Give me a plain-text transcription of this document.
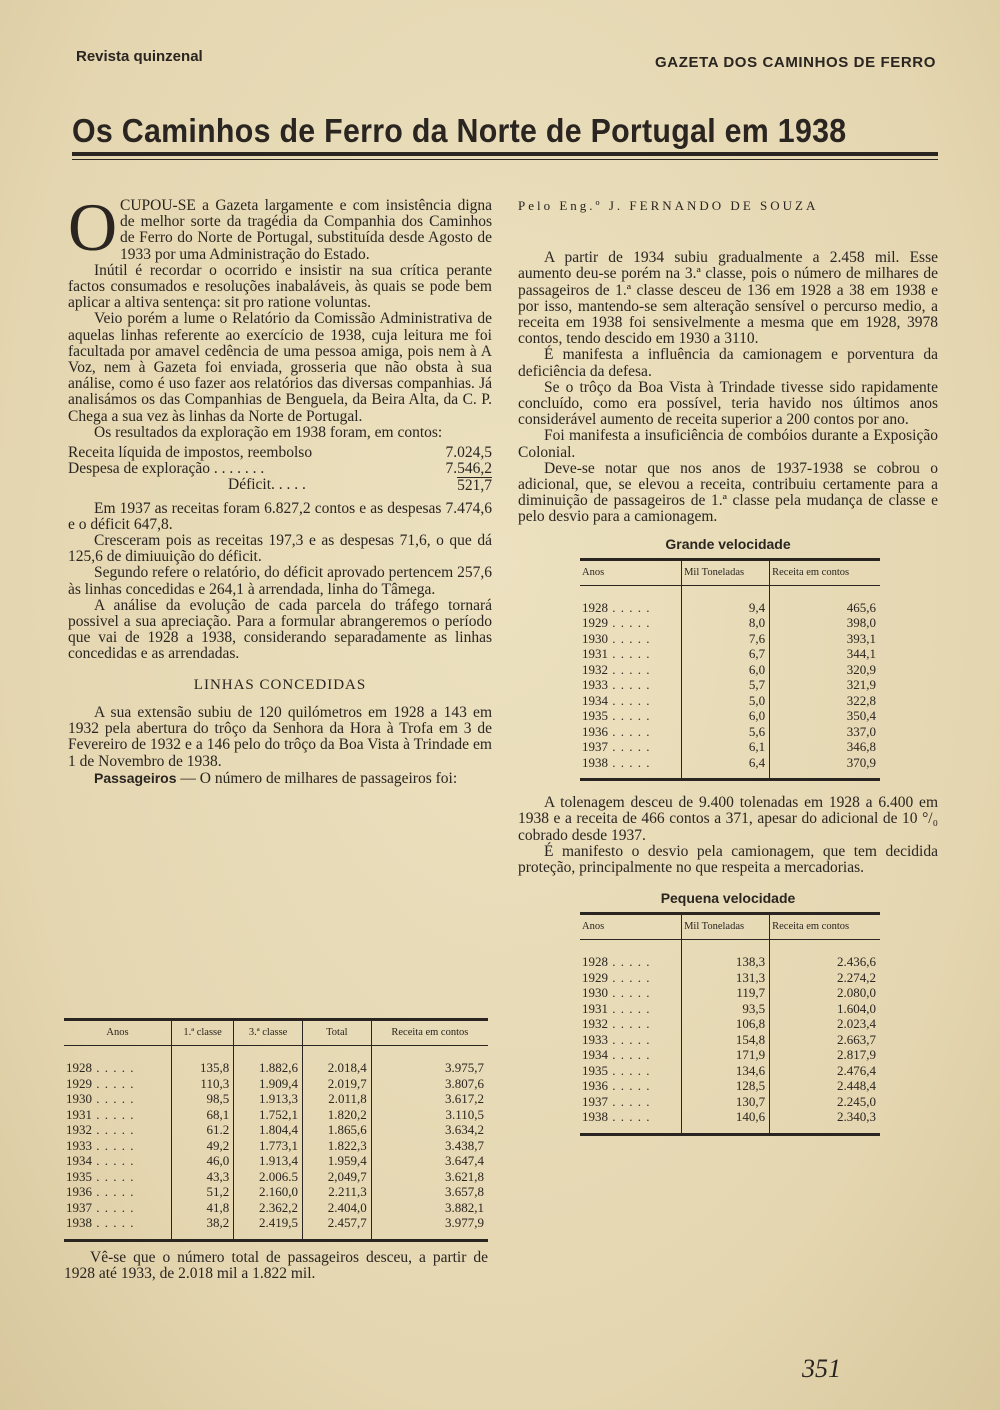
Revista quinzenal	GAZETA DOS CAMINHOS DE FERRO
Os Caminhos de Ferro da Norte de Portugal em 1938
O CUPOU-SE a Gazeta largamente e com insistência digna de melhor sorte da tragédia da Companhia dos Caminhos de Ferro do Norte de Portugal, substituída desde Agosto de 1933 por uma Administração do Estado.

Inútil é recordar o ocorrido e insistir na sua crítica perante factos consumados e resoluções inabaláveis, às quais se pode bem aplicar a altiva sentença: sit pro ratione voluntas.

Veio porém a lume o Relatório da Comissão Administrativa de aquelas linhas referente ao exercício de 1938, cuja leitura me foi facultada por amavel cedência de uma pessoa amiga, pois nem à A Voz, nem à Gazeta foi enviada, grosseria que não obsta à sua análise, como é uso fazer aos relatórios das diversas companhias. Já analisámos os das Companhias de Benguela, da Beira Alta, da C. P. Chega a sua vez às linhas da Norte de Portugal.

Os resultados da exploração em 1938 foram, em contos:

Receita líquida de impostos, reembolso	7.024,5
Despesa de exploração . . . . . . .	7.546,2
Déficit. . . . .	521,7

Em 1937 as receitas foram 6.827,2 contos e as despesas 7.474,6 e o déficit 647,8.

Cresceram pois as receitas 197,3 e as despesas 71,6, o que dá 125,6 de dimiuuição do déficit.

Segundo refere o relatório, do déficit aprovado pertencem 257,6 às linhas concedidas e 264,1 à arrendada, linha do Tâmega.

A análise da evolução de cada parcela do tráfego tornará possivel a sua apreciação. Para a formular abrangeremos o período que vai de 1928 a 1938, considerando separadamente as linhas concedidas e as arrendadas.

LINHAS CONCEDIDAS

A sua extensão subiu de 120 quilómetros em 1928 a 143 em 1932 pela abertura do trôço da Senhora da Hora à Trofa em 3 de Fevereiro de 1932 e a 146 pelo do trôço da Boa Vista à Trindade em 1 de Novembro de 1938.

Passageiros — O número de milhares de passageiros foi:

Anos	1.ª classe	3.ª classe	Total	Receita em contos
1928 . . .	135,8	1.882,6	2.018,4	3.975,7
1929 . . .	110,3	1.909,4	2.019,7	3.807,6
1930 . . .	98,5	1.913,3	2.011,8	3.617,2
1931 . . .	68,1	1.752,1	1.820,2	3.110,5
1932 . . .	61.2	1.804,4	1.865,6	3.634,2
1933 . . .	49,2	1.773,1	1.822,3	3.438,7
1934 . . .	46,0	1.913,4	1.959,4	3.647,4
1935 . . .	43,3	2.006.5	2,049,7	3.621,8
1936 . . .	51,2	2.160,0	2.211,3	3.657,8
1937 . . .	41,8	2.362,2	2.404,0	3.882,1
1938 . . .	38,2	2.419,5	2.457,7	3.977,9

Vê-se que o número total de passageiros desceu, a partir de 1928 até 1933, de 2.018 mil a 1.822 mil.

Pelo Eng.º J. FERNANDO DE SOUZA

A partir de 1934 subiu gradualmente a 2.458 mil. Esse aumento deu-se porém na 3.ª classe, pois o número de milhares de passageiros de 1.ª classe desceu de 136 em 1928 a 38 em 1938 e por isso, mantendo-se sem alteração sensível o percurso medio, a receita em 1938 foi sensivelmente a mesma que em 1928, 3978 contos, tendo descido em 1930 a 3110.

É manifesta a influência da camionagem e porventura da deficiência da defesa.

Se o trôço da Boa Vista à Trindade tivesse sido rapidamente concluído, como era possível, teria havido nos últimos anos considerável aumento de receita superior a 200 contos por ano.

Foi manifesta a insuficiência de combóios durante a Exposição Colonial.

Deve-se notar que nos anos de 1937-1938 se cobrou o adicional, que, se elevou a receita, contribuiu certamente para a diminuição de passageiros de 1.ª classe pela mudança de classe e pelo desvio para a camionagem.

Grande velocidade
Anos	Mil Toneladas	Receita em contos
1928 . . .	9,4	465,6
1929 . . .	8,0	398,0
1930 . . .	7,6	393,1
1931 . . .	6,7	344,1
1932 . . .	6,0	320,9
1933 . . .	5,7	321,9
1934 . . .	5,0	322,8
1935 . . .	6,0	350,4
1936 . . .	5,6	337,0
1937 . . .	6,1	346,8
1938 . . .	6,4	370,9

A tolenagem desceu de 9.400 tolenadas em 1928 a 6.400 em 1938 e a receita de 466 contos a 371, apesar do adicional de 10 °/₀ cobrado desde 1937.

É manifesto o desvio pela camionagem, que tem decidida proteção, principalmente no que respeita a mercadorias.

Pequena velocidade
Anos	Mil Toneladas	Receita em contos
1928 . . .	138,3	2.436,6
1929 . . .	131,3	2.274,2
1930 . . .	119,7	2.080,0
1931 . . .	93,5	1.604,0
1932 . . .	106,8	2.023,4
1933 . . .	154,8	2.663,7
1934 . . .	171,9	2.817,9
1935 . . .	134,6	2.476,4
1936 . . .	128,5	2.448,4
1937 . . .	130,7	2.245,0
1938 . . .	140,6	2.340,3
351
